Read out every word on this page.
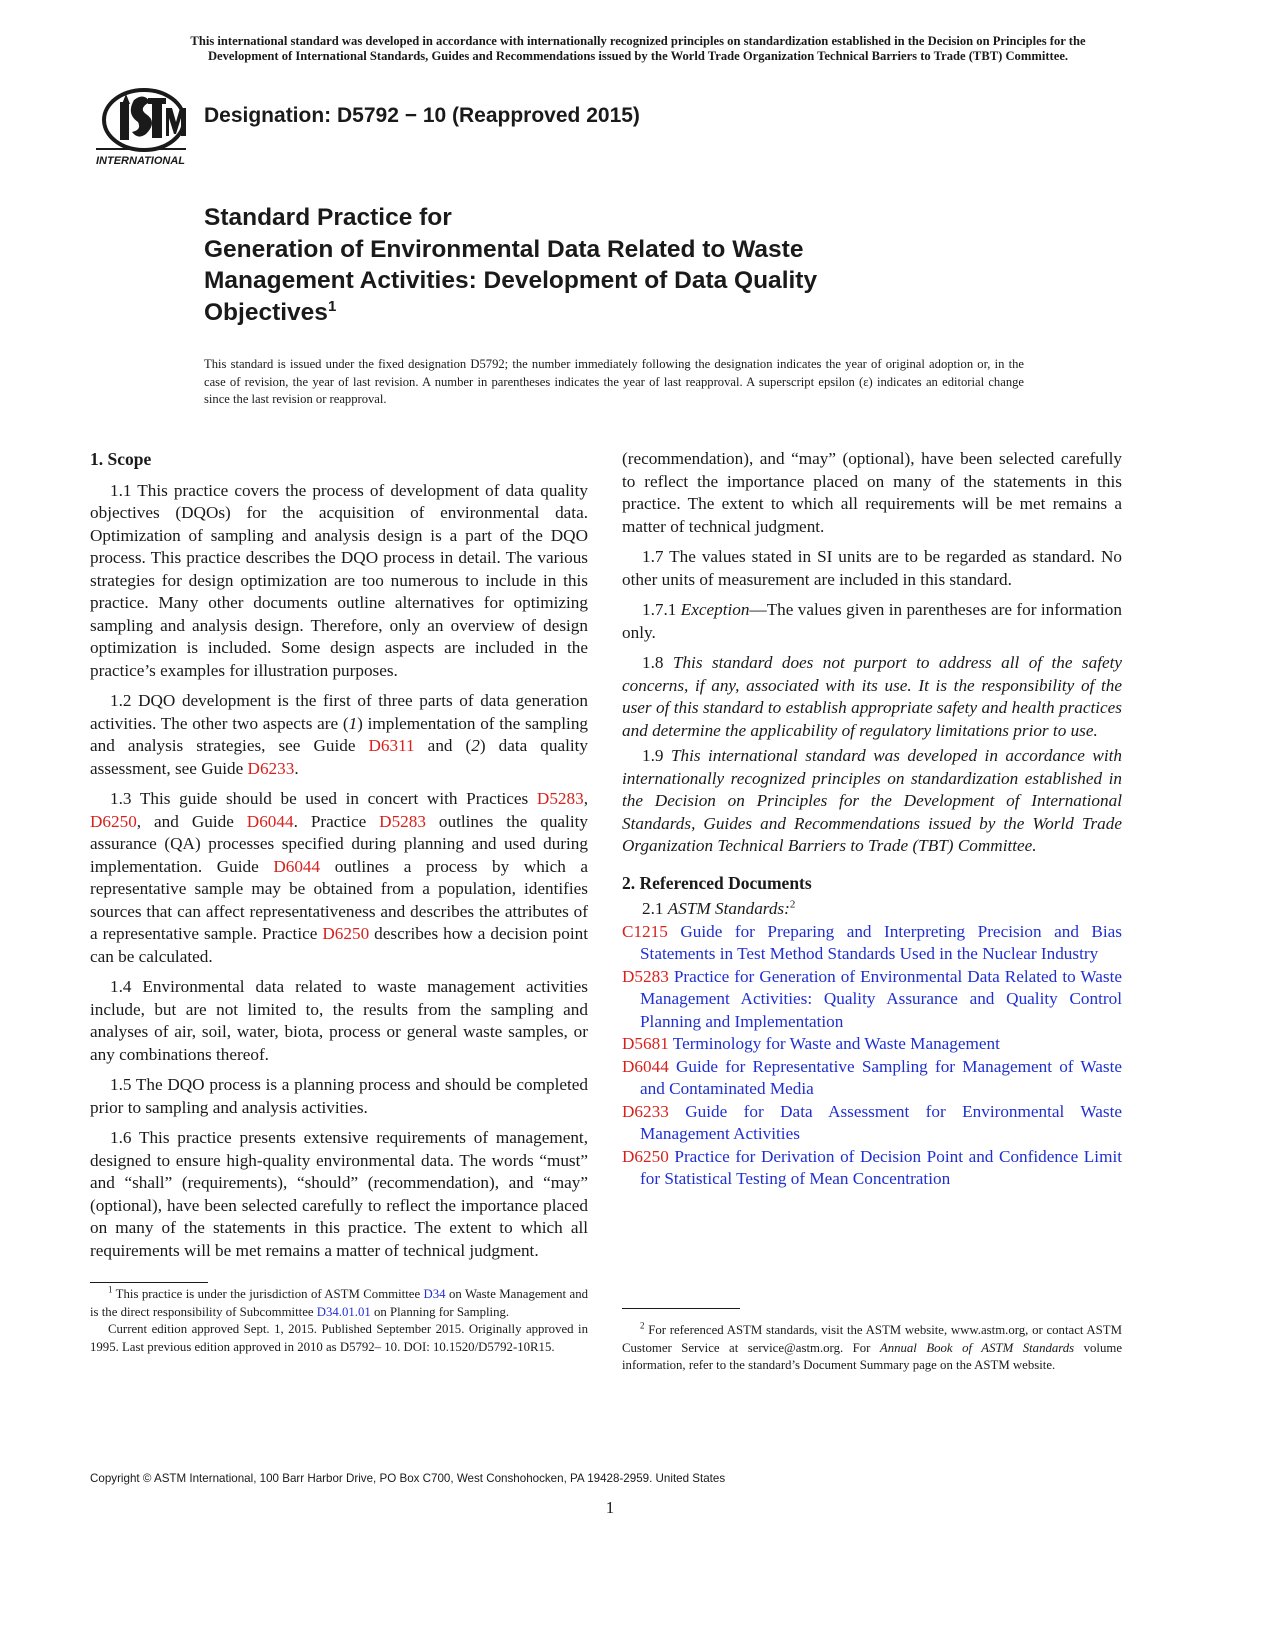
This international standard was developed in accordance with internationally recognized principles on standardization established in the Decision on Principles for the
Development of International Standards, Guides and Recommendations issued by the World Trade Organization Technical Barriers to Trade (TBT) Committee.
INTERNATIONAL
Designation: D5792 − 10 (Reapproved 2015)
Standard Practice for
Generation of Environmental Data Related to Waste
Management Activities: Development of Data Quality
Objectives$^1$
This standard is issued under the fixed designation D5792; the number immediately following the designation indicates the year of original adoption or, in the case of revision, the year of last revision. A number in parentheses indicates the year of last reapproval. A superscript epsilon (ε) indicates an editorial change since the last revision or reapproval.

1. Scope

1.1 This practice covers the process of development of data quality objectives (DQOs) for the acquisition of environmental data. Optimization of sampling and analysis design is a part of the DQO process. This practice describes the DQO process in detail. The various strategies for design optimization are too numerous to include in this practice. Many other documents outline alternatives for optimizing sampling and analysis design. Therefore, only an overview of design optimization is included. Some design aspects are included in the practice’s examples for illustration purposes.

1.2 DQO development is the first of three parts of data generation activities. The other two aspects are (1) implementation of the sampling and analysis strategies, see Guide D6311 and (2) data quality assessment, see Guide D6233.

1.3 This guide should be used in concert with Practices D5283, D6250, and Guide D6044. Practice D5283 outlines the quality assurance (QA) processes specified during planning and used during implementation. Guide D6044 outlines a process by which a representative sample may be obtained from a population, identifies sources that can affect representativeness and describes the attributes of a representative sample. Practice D6250 describes how a decision point can be calculated.

1.4 Environmental data related to waste management activities include, but are not limited to, the results from the sampling and analyses of air, soil, water, biota, process or general waste samples, or any combinations thereof.

1.5 The DQO process is a planning process and should be completed prior to sampling and analysis activities.

1.6 This practice presents extensive requirements of management, designed to ensure high-quality environmental data. The words “must” and “shall” (requirements), “should” (recommendation), and “may” (optional), have been selected carefully to reflect the importance placed on many of the statements in this practice. The extent to which all requirements will be met remains a matter of technical judgment.

(recommendation), and “may” (optional), have been selected carefully to reflect the importance placed on many of the statements in this practice. The extent to which all requirements will be met remains a matter of technical judgment.

1.7 The values stated in SI units are to be regarded as standard. No other units of measurement are included in this standard.

1.7.1 Exception—The values given in parentheses are for information only.

1.8 This standard does not purport to address all of the safety concerns, if any, associated with its use. It is the responsibility of the user of this standard to establish appropriate safety and health practices and determine the applicability of regulatory limitations prior to use.

1.9 This international standard was developed in accordance with internationally recognized principles on standardization established in the Decision on Principles for the Development of International Standards, Guides and Recommendations issued by the World Trade Organization Technical Barriers to Trade (TBT) Committee.

2. Referenced Documents

2.1 ASTM Standards:$^2$

C1215 Guide for Preparing and Interpreting Precision and Bias Statements in Test Method Standards Used in the Nuclear Industry

D5283 Practice for Generation of Environmental Data Related to Waste Management Activities: Quality Assurance and Quality Control Planning and Implementation

D5681 Terminology for Waste and Waste Management

D6044 Guide for Representative Sampling for Management of Waste and Contaminated Media

D6233 Guide for Data Assessment for Environmental Waste Management Activities

D6250 Practice for Derivation of Decision Point and Confidence Limit for Statistical Testing of Mean Concentration

$^1$ This practice is under the jurisdiction of ASTM Committee D34 on Waste Management and is the direct responsibility of Subcommittee D34.01.01 on Planning for Sampling.

Current edition approved Sept. 1, 2015. Published September 2015. Originally approved in 1995. Last previous edition approved in 2010 as D5792– 10. DOI: 10.1520/D5792-10R15.

$^2$ For referenced ASTM standards, visit the ASTM website, www.astm.org, or contact ASTM Customer Service at service@astm.org. For Annual Book of ASTM Standards volume information, refer to the standard’s Document Summary page on the ASTM website.

Copyright © ASTM International, 100 Barr Harbor Drive, PO Box C700, West Conshohocken, PA 19428-2959. United States
1
